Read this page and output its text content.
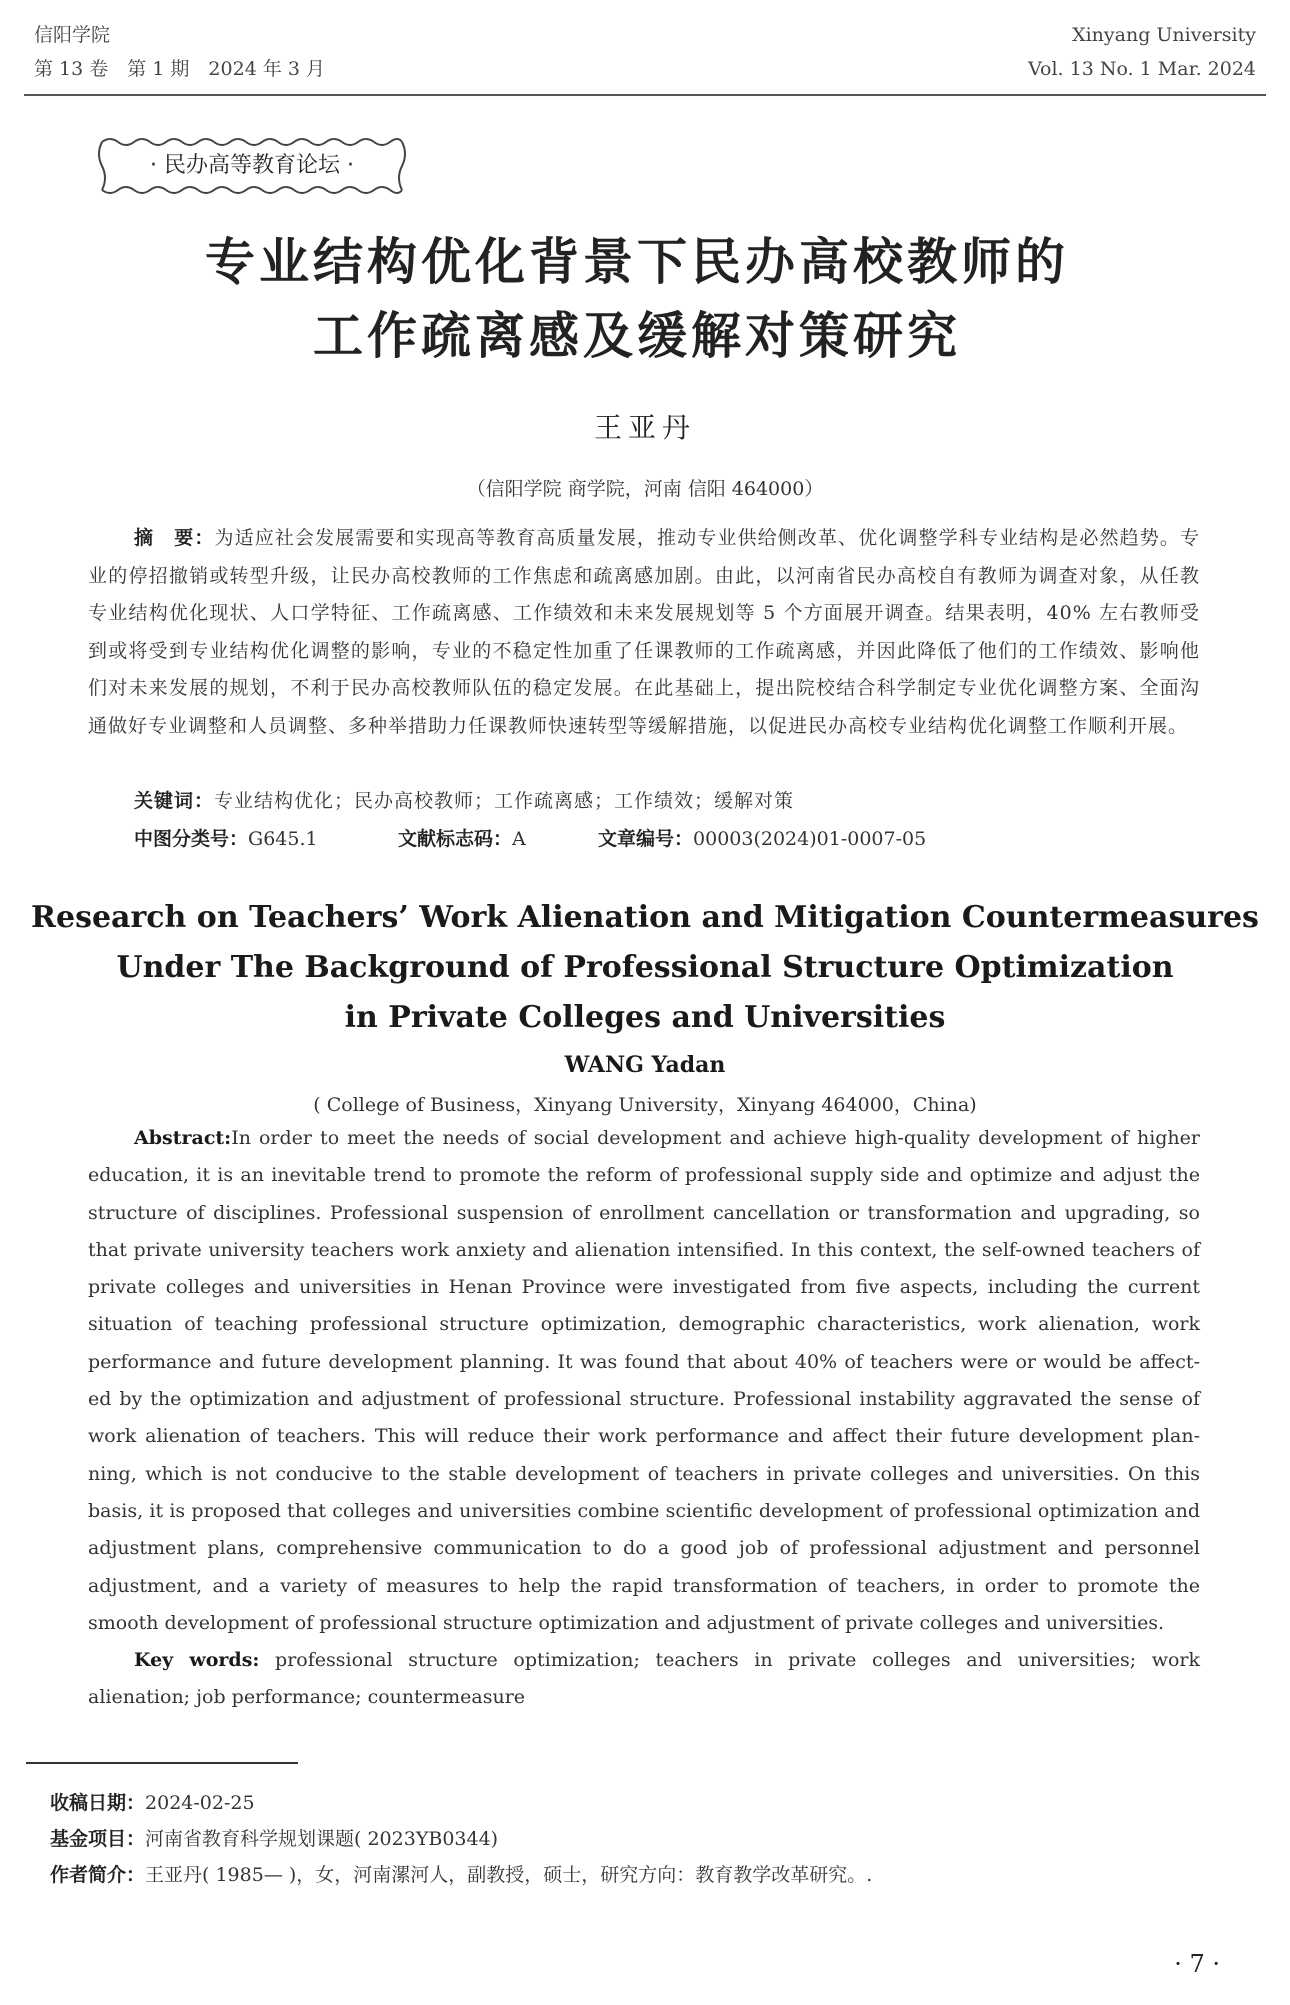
信阳学院
第 13 卷　第 1 期　2024 年 3 月
Xinyang University
Vol. 13 No. 1 Mar. 2024
· 民办高等教育论坛 ·
专业结构优化背景下民办高校教师的
工作疏离感及缓解对策研究
王亚丹
（信阳学院 商学院，河南 信阳 464000）
摘　要：为适应社会发展需要和实现高等教育高质量发展，推动专业供给侧改革、优化调整学科专业结构是必然趋势。专业的停招撤销或转型升级，让民办高校教师的工作焦虑和疏离感加剧。由此，以河南省民办高校自有教师为调查对象，从任教专业结构优化现状、人口学特征、工作疏离感、工作绩效和未来发展规划等 5 个方面展开调查。结果表明，40% 左右教师受到或将受到专业结构优化调整的影响，专业的不稳定性加重了任课教师的工作疏离感，并因此降低了他们的工作绩效、影响他们对未来发展的规划，不利于民办高校教师队伍的稳定发展。在此基础上，提出院校结合科学制定专业优化调整方案、全面沟通做好专业调整和人员调整、多种举措助力任课教师快速转型等缓解措施，以促进民办高校专业结构优化调整工作顺利开展。
关键词：专业结构优化；民办高校教师；工作疏离感；工作绩效；缓解对策
中图分类号：G645.1	文献标志码：A	文章编号：00003(2024)01-0007-05
Research on Teachers’ Work Alienation and Mitigation Countermeasures
Under The Background of Professional Structure Optimization
in Private Colleges and Universities
WANG Yadan
( College of Business，Xinyang University，Xinyang 464000，China)

Abstract:In order to meet the needs of social development and achieve high-quality development of higher education, it is an inevitable trend to promote the reform of professional supply side and optimize and adjust the structure of disciplines. Professional suspension of enrollment cancellation or transformation and upgrading, so that private university teachers work anxiety and alienation intensified. In this context, the self-owned teachers of private colleges and universities in Henan Province were investigated from five aspects, including the current situation of teaching professional structure optimization, demographic characteristics, work alienation, work performance and future development planning. It was found that about 40% of teachers were or would be affect-ed by the optimization and adjustment of professional structure. Professional instability aggravated the sense of work alienation of teachers. This will reduce their work performance and affect their future development plan-ning, which is not conducive to the stable development of teachers in private colleges and universities. On this basis, it is proposed that colleges and universities combine scientific development of professional optimization and adjustment plans, comprehensive communication to do a good job of professional adjustment and personnel adjustment, and a variety of measures to help the rapid transformation of teachers, in order to promote the smooth development of professional structure optimization and adjustment of private colleges and universities.

Key words: professional structure optimization; teachers in private colleges and universities; work alienation; job performance; countermeasure

收稿日期：2024-02-25
基金项目：河南省教育科学规划课题( 2023YB0344)
作者简介：王亚丹( 1985— )，女，河南漯河人，副教授，硕士，研究方向：教育教学改革研究。.
· 7 ·
